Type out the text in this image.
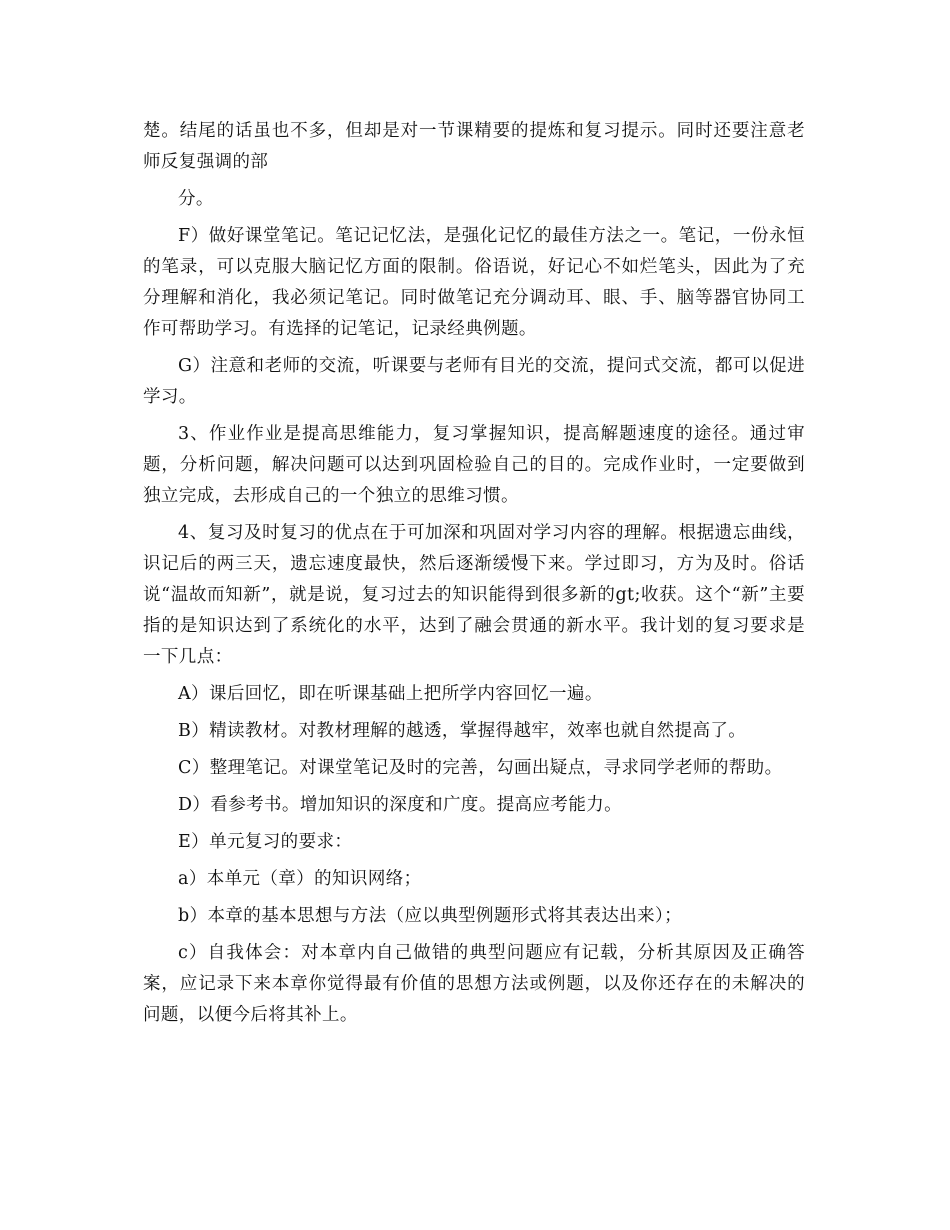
楚。结尾的话虽也不多，但却是对一节课精要的提炼和复习提示。同时还要注意老师反复强调的部

分。

F）做好课堂笔记。笔记记忆法，是强化记忆的最佳方法之一。笔记，一份永恒的笔录，可以克服大脑记忆方面的限制。俗语说，好记心不如烂笔头，因此为了充分理解和消化，我必须记笔记。同时做笔记充分调动耳、眼、手、脑等器官协同工作可帮助学习。有选择的记笔记，记录经典例题。

G）注意和老师的交流，听课要与老师有目光的交流，提问式交流，都可以促进学习。

3、作业作业是提高思维能力，复习掌握知识，提高解题速度的途径。通过审题，分析问题，解决问题可以达到巩固检验自己的目的。完成作业时，一定要做到独立完成，去形成自己的一个独立的思维习惯。

4、复习及时复习的优点在于可加深和巩固对学习内容的理解。根据遗忘曲线，识记后的两三天，遗忘速度最快，然后逐渐缓慢下来。学过即习，方为及时。俗话说“温故而知新”，就是说，复习过去的知识能得到很多新的gt;收获。这个“新”主要指的是知识达到了系统化的水平，达到了融会贯通的新水平。我计划的复习要求是一下几点：

A）课后回忆，即在听课基础上把所学内容回忆一遍。

B）精读教材。对教材理解的越透，掌握得越牢，效率也就自然提高了。

C）整理笔记。对课堂笔记及时的完善，勾画出疑点，寻求同学老师的帮助。

D）看参考书。增加知识的深度和广度。提高应考能力。

E）单元复习的要求：

a）本单元（章）的知识网络；

b）本章的基本思想与方法（应以典型例题形式将其表达出来）；

c）自我体会：对本章内自己做错的典型问题应有记载，分析其原因及正确答案，应记录下来本章你觉得最有价值的思想方法或例题，以及你还存在的未解决的问题，以便今后将其补上。
